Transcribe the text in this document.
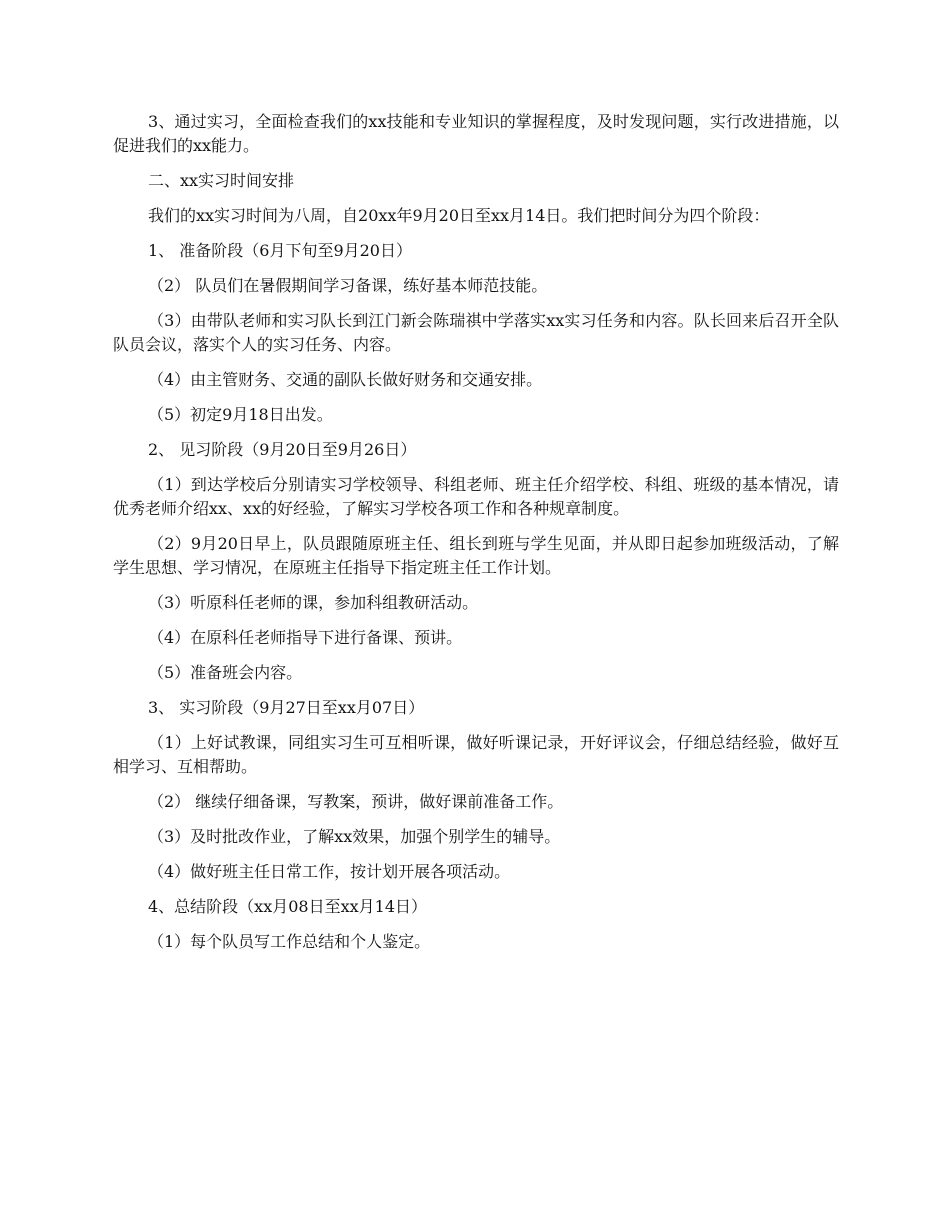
3、通过实习，全面检查我们的xx技能和专业知识的掌握程度，及时发现问题，实行改进措施，以促进我们的xx能力。

二、xx实习时间安排

我们的xx实习时间为八周，自20xx年9月20日至xx月14日。我们把时间分为四个阶段：

1、 准备阶段（6月下旬至9月20日）

（2） 队员们在暑假期间学习备课，练好基本师范技能。

（3）由带队老师和实习队长到江门新会陈瑞祺中学落实xx实习任务和内容。队长回来后召开全队队员会议，落实个人的实习任务、内容。

（4）由主管财务、交通的副队长做好财务和交通安排。

（5）初定9月18日出发。

2、 见习阶段（9月20日至9月26日）

（1）到达学校后分别请实习学校领导、科组老师、班主任介绍学校、科组、班级的基本情况，请优秀老师介绍xx、xx的好经验，了解实习学校各项工作和各种规章制度。

（2）9月20日早上，队员跟随原班主任、组长到班与学生见面，并从即日起参加班级活动，了解学生思想、学习情况，在原班主任指导下指定班主任工作计划。

（3）听原科任老师的课，参加科组教研活动。

（4）在原科任老师指导下进行备课、预讲。

（5）准备班会内容。

3、 实习阶段（9月27日至xx月07日）

（1）上好试教课，同组实习生可互相听课，做好听课记录，开好评议会，仔细总结经验，做好互相学习、互相帮助。

（2） 继续仔细备课，写教案，预讲，做好课前准备工作。

（3）及时批改作业，了解xx效果，加强个别学生的辅导。

（4）做好班主任日常工作，按计划开展各项活动。

4、总结阶段（xx月08日至xx月14日）

（1）每个队员写工作总结和个人鉴定。
